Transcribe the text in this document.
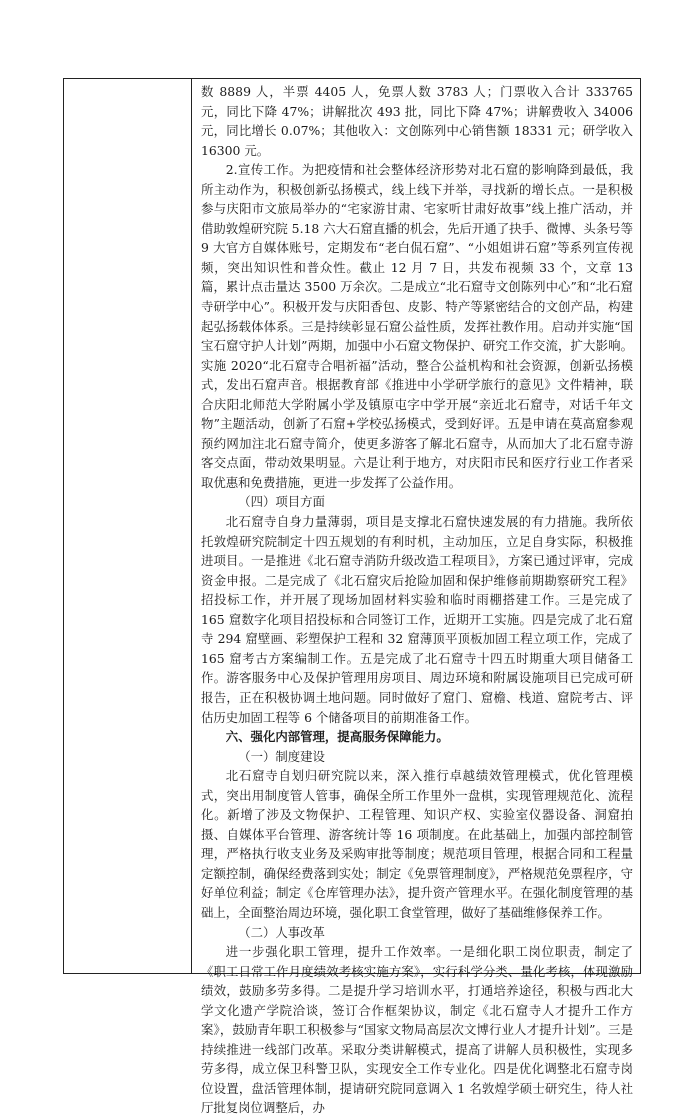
数 8889 人，半票 4405 人，免票人数 3783 人；门票收入合计 333765 元，同比下降 47%；讲解批次 493 批，同比下降 47%；讲解费收入 34006 元，同比增长 0.07%；其他收入：文创陈列中心销售额 18331 元；研学收入 16300 元。

2.宣传工作。为把疫情和社会整体经济形势对北石窟的影响降到最低，我所主动作为，积极创新弘扬模式，线上线下并举，寻找新的增长点。一是积极参与庆阳市文旅局举办的“宅家游甘肃、宅家听甘肃好故事”线上推广活动，并借助敦煌研究院 5.18 六大石窟直播的机会，先后开通了抉手、微博、头条号等 9 大官方自媒体账号，定期发布“老白侃石窟”、“小姐姐讲石窟”等系列宣传视频，突出知识性和普众性。截止 12 月 7 日，共发布视频 33 个，文章 13 篇，累计点击量达 3500 万余次。二是成立“北石窟寺文创陈列中心”和“北石窟寺研学中心”。积极开发与庆阳香包、皮影、特产等紧密结合的文创产品，构建起弘扬载体体系。三是持续彰显石窟公益性质，发挥社教作用。启动并实施“国宝石窟守护人计划”两期，加强中小石窟文物保护、研究工作交流，扩大影响。实施 2020“北石窟寺合唱祈福”活动，整合公益机构和社会资源，创新弘扬模式，发出石窟声音。根据教育部《推进中小学研学旅行的意见》文件精神，联合庆阳北师范大学附属小学及镇原屯字中学开展“亲近北石窟寺，对话千年文物”主题活动，创新了石窟+学校弘扬模式，受到好评。五是申请在莫高窟参观预约网加注北石窟寺简介，使更多游客了解北石窟寺，从而加大了北石窟寺游客交点面，带动效果明显。六是让利于地方，对庆阳市民和医疗行业工作者采取优惠和免费措施，更进一步发挥了公益作用。

（四）项目方面

北石窟寺自身力量薄弱，项目是支撑北石窟快速发展的有力措施。我所依托敦煌研究院制定十四五规划的有利时机，主动加压，立足自身实际，积极推进项目。一是推进《北石窟寺消防升级改造工程项目》，方案已通过评审，完成资金申报。二是完成了《北石窟灾后抢险加固和保护维修前期勘察研究工程》招投标工作，并开展了现场加固材料实验和临时雨棚搭建工作。三是完成了 165 窟数字化项目招投标和合同签订工作，近期开工实施。四是完成了北石窟寺 294 窟壁画、彩塑保护工程和 32 窟薄顶平顶板加固工程立项工作，完成了 165 窟考古方案编制工作。五是完成了北石窟寺十四五时期重大项目储备工作。游客服务中心及保护管理用房项目、周边环境和附属设施项目已完成可研报告，正在积极协调土地问题。同时做好了窟门、窟檐、栈道、窟院考古、评估历史加固工程等 6 个储备项目的前期准备工作。

六、强化内部管理，提高服务保障能力。

（一）制度建设

北石窟寺自划归研究院以来，深入推行卓越绩效管理模式，优化管理模式，突出用制度管人管事，确保全所工作里外一盘棋，实现管理规范化、流程化。新增了涉及文物保护、工程管理、知识产权、实验室仪器设备、洞窟拍摄、自媒体平台管理、游客统计等 16 项制度。在此基础上，加强内部控制管理，严格执行收支业务及采购审批等制度；规范项目管理，根据合同和工程量定额控制，确保经费落到实处；制定《免票管理制度》，严格规范免票程序，守好单位利益；制定《仓库管理办法》，提升资产管理水平。在强化制度管理的基础上，全面整治周边环境，强化职工食堂管理，做好了基础维修保养工作。

（二）人事改革

进一步强化职工管理，提升工作效率。一是细化职工岗位职责，制定了《职工日常工作月度绩效考核实施方案》，实行科学分类、量化考核，体现激励绩效，鼓励多劳多得。二是提升学习培训水平，打通培养途径，积极与西北大学文化遗产学院洽谈，签订合作框架协议，制定《北石窟寺人才提升工作方案》，鼓励青年职工积极参与“国家文物局高层次文博行业人才提升计划”。三是持续推进一线部门改革。采取分类讲解模式，提高了讲解人员积极性，实现多劳多得，成立保卫科警卫队，实现安全工作专业化。四是优化调整北石窟寺岗位设置，盘活管理体制，提请研究院同意调入 1 名敦煌学硕士研究生，待人社厅批复岗位调整后，办
